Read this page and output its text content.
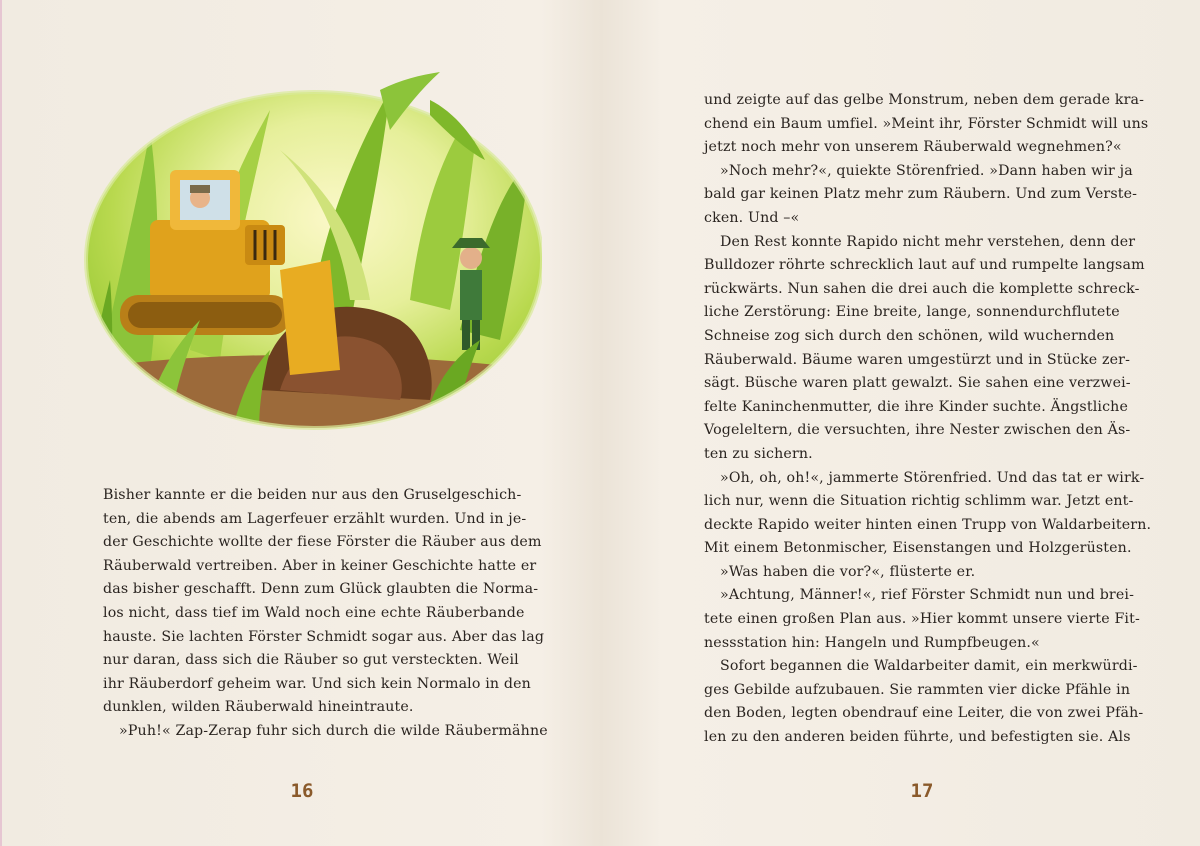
Bisher kannte er die beiden nur aus den Gruselgeschich-

ten, die abends am Lagerfeuer erzählt wurden. Und in je-

der Geschichte wollte der fiese Förster die Räuber aus dem

Räuberwald vertreiben. Aber in keiner Geschichte hatte er

das bisher geschafft. Denn zum Glück glaubten die Norma-

los nicht, dass tief im Wald noch eine echte Räuberbande

hauste. Sie lachten Förster Schmidt sogar aus. Aber das lag

nur daran, dass sich die Räuber so gut versteckten. Weil

ihr Räuberdorf geheim war. Und sich kein Normalo in den

dunklen, wilden Räuberwald hineintraute.

»Puh!« Zap-Zerap fuhr sich durch die wilde Räubermähne

16

und zeigte auf das gelbe Monstrum, neben dem gerade kra-

chend ein Baum umfiel. »Meint ihr, Förster Schmidt will uns

jetzt noch mehr von unserem Räuberwald wegnehmen?«

»Noch mehr?«, quiekte Störenfried. »Dann haben wir ja

bald gar keinen Platz mehr zum Räubern. Und zum Verste-

cken. Und –«

Den Rest konnte Rapido nicht mehr verstehen, denn der

Bulldozer röhrte schrecklich laut auf und rumpelte langsam

rückwärts. Nun sahen die drei auch die komplette schreck-

liche Zerstörung: Eine breite, lange, sonnendurchflutete

Schneise zog sich durch den schönen, wild wuchernden

Räuberwald. Bäume waren umgestürzt und in Stücke zer-

sägt. Büsche waren platt gewalzt. Sie sahen eine verzwei-

felte Kaninchenmutter, die ihre Kinder suchte. Ängstliche

Vogeleltern, die versuchten, ihre Nester zwischen den Äs-

ten zu sichern.

»Oh, oh, oh!«, jammerte Störenfried. Und das tat er wirk-

lich nur, wenn die Situation richtig schlimm war. Jetzt ent-

deckte Rapido weiter hinten einen Trupp von Waldarbeitern.

Mit einem Betonmischer, Eisenstangen und Holzgerüsten.

»Was haben die vor?«, flüsterte er.

»Achtung, Männer!«, rief Förster Schmidt nun und brei-

tete einen großen Plan aus. »Hier kommt unsere vierte Fit-

nessstation hin: Hangeln und Rumpfbeugen.«

Sofort begannen die Waldarbeiter damit, ein merkwürdi-

ges Gebilde aufzubauen. Sie rammten vier dicke Pfähle in

den Boden, legten obendrauf eine Leiter, die von zwei Pfäh-

len zu den anderen beiden führte, und befestigten sie. Als

17
